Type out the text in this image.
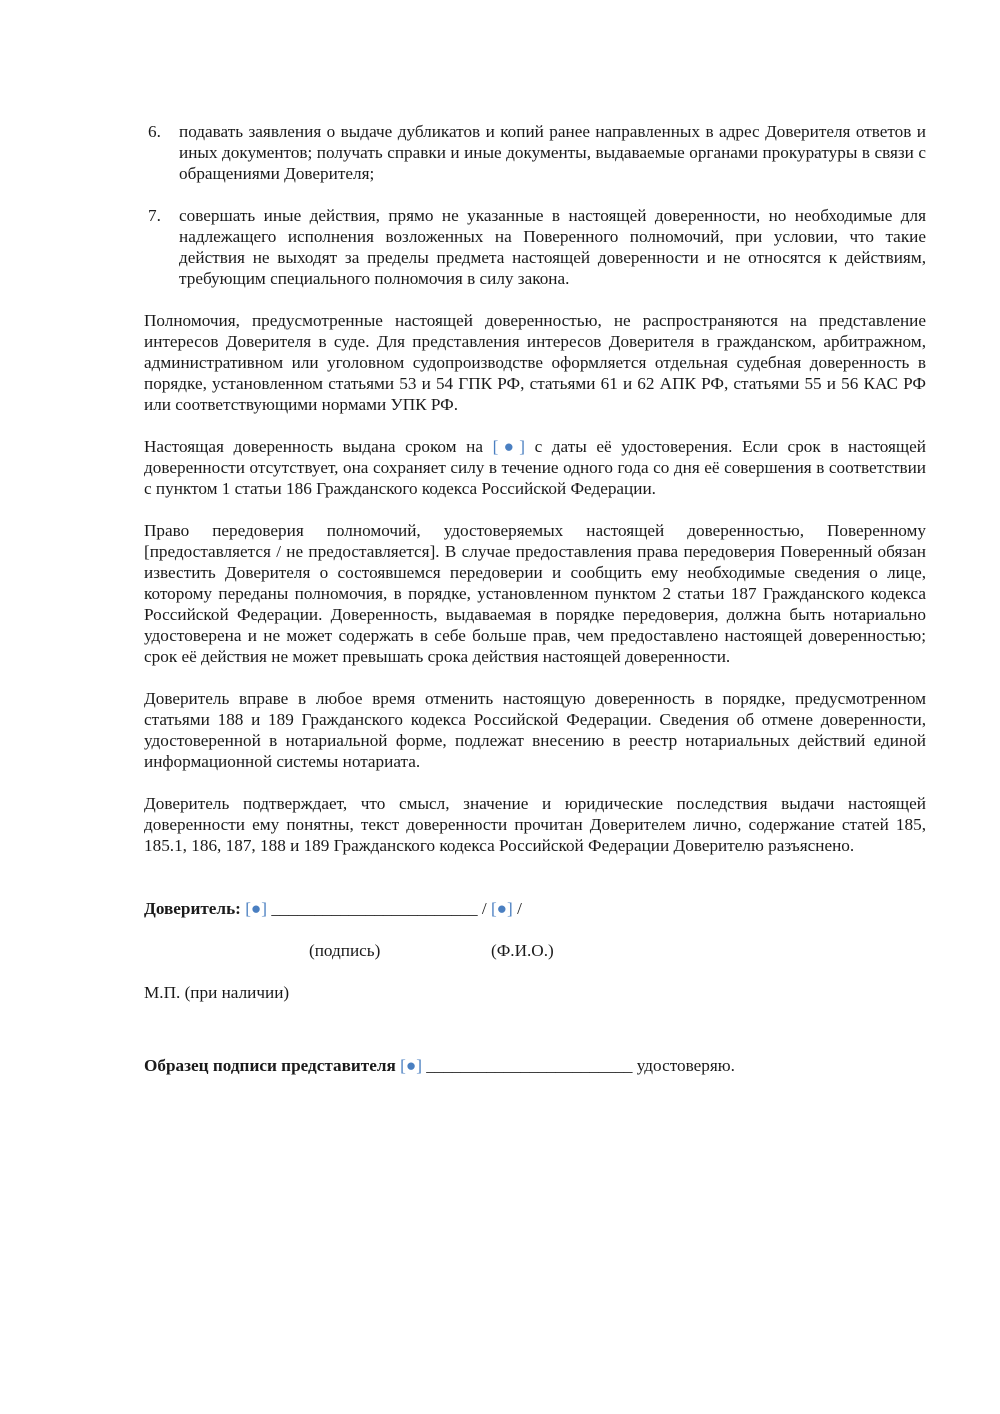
6.	подавать заявления о выдаче дубликатов и копий ранее направленных в адрес Доверителя ответов и иных документов; получать справки и иные документы, выдаваемые органами прокуратуры в связи с обращениями Доверителя;
7.	совершать иные действия, прямо не указанные в настоящей доверенности, но необходимые для надлежащего исполнения возложенных на Поверенного полномочий, при условии, что такие действия не выходят за пределы предмета настоящей доверенности и не относятся к действиям, требующим специального полномочия в силу закона.

Полномочия, предусмотренные настоящей доверенностью, не распространяются на представление интересов Доверителя в суде. Для представления интересов Доверителя в гражданском, арбитражном, административном или уголовном судопроизводстве оформляется отдельная судебная доверенность в порядке, установленном статьями 53 и 54 ГПК РФ, статьями 61 и 62 АПК РФ, статьями 55 и 56 КАС РФ или соответствующими нормами УПК РФ.

Настоящая доверенность выдана сроком на [●] с даты её удостоверения. Если срок в настоящей доверенности отсутствует, она сохраняет силу в течение одного года со дня её совершения в соответствии с пунктом 1 статьи 186 Гражданского кодекса Российской Федерации.

Право передоверия полномочий, удостоверяемых настоящей доверенностью, Поверенному [предоставляется / не предоставляется]. В случае предоставления права передоверия Поверенный обязан известить Доверителя о состоявшемся передоверии и сообщить ему необходимые сведения о лице, которому переданы полномочия, в порядке, установленном пунктом 2 статьи 187 Гражданского кодекса Российской Федерации. Доверенность, выдаваемая в порядке передоверия, должна быть нотариально удостоверена и не может содержать в себе больше прав, чем предоставлено настоящей доверенностью; срок её действия не может превышать срока действия настоящей доверенности.

Доверитель вправе в любое время отменить настоящую доверенность в порядке, предусмотренном статьями 188 и 189 Гражданского кодекса Российской Федерации. Сведения об отмене доверенности, удостоверенной в нотариальной форме, подлежат внесению в реестр нотариальных действий единой информационной системы нотариата.

Доверитель подтверждает, что смысл, значение и юридические последствия выдачи настоящей доверенности ему понятны, текст доверенности прочитан Доверителем лично, содержание статей 185, 185.1, 186, 187, 188 и 189 Гражданского кодекса Российской Федерации Доверителю разъяснено.

Доверитель: [●] ________________________ / [●] /
(подпись)	(Ф.И.О.)
М.П. (при наличии)
Образец подписи представителя [●] ________________________ удостоверяю.
